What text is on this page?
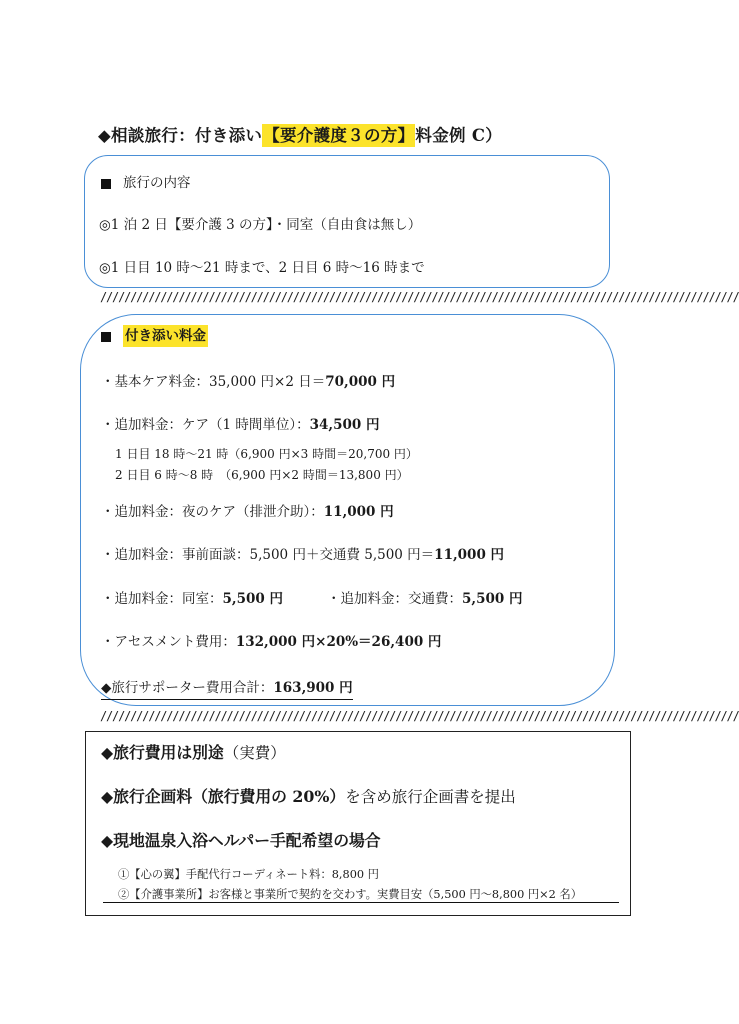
◆相談旅行：付き添い【要介護度３の方】料金例 C）
旅行の内容
◎1 泊 2 日【要介護 3 の方】・同室（自由食は無し）
◎1 日目 10 時〜21 時まで、2 日目 6 時〜16 時まで
//////////////////////////////////////////////////////////////////////////////////////////////////////////
付き添い料金
・基本ケア料金：35,000 円×2 日＝70,000 円
・追加料金：ケア（1 時間単位）：34,500 円
1 日目 18 時〜21 時（6,900 円×3 時間＝20,700 円）
2 日目 6 時〜8 時　（6,900 円×2 時間＝13,800 円）
・追加料金：夜のケア（排泄介助）：11,000 円
・追加料金：事前面談：5,500 円＋交通費 5,500 円＝11,000 円
・追加料金：同室：5,500 円	・追加料金：交通費：5,500 円
・アセスメント費用：132,000 円×20%＝26,400 円
◆旅行サポーター費用合計：163,900 円
//////////////////////////////////////////////////////////////////////////////////////////////////////////
◆旅行費用は別途（実費）
◆旅行企画料（旅行費用の 20%）を含め旅行企画書を提出
◆現地温泉入浴ヘルパー手配希望の場合
①【心の翼】手配代行コーディネート料：8,800 円
②【介護事業所】お客様と事業所で契約を交わす。実費目安（5,500 円〜8,800 円×2 名）
